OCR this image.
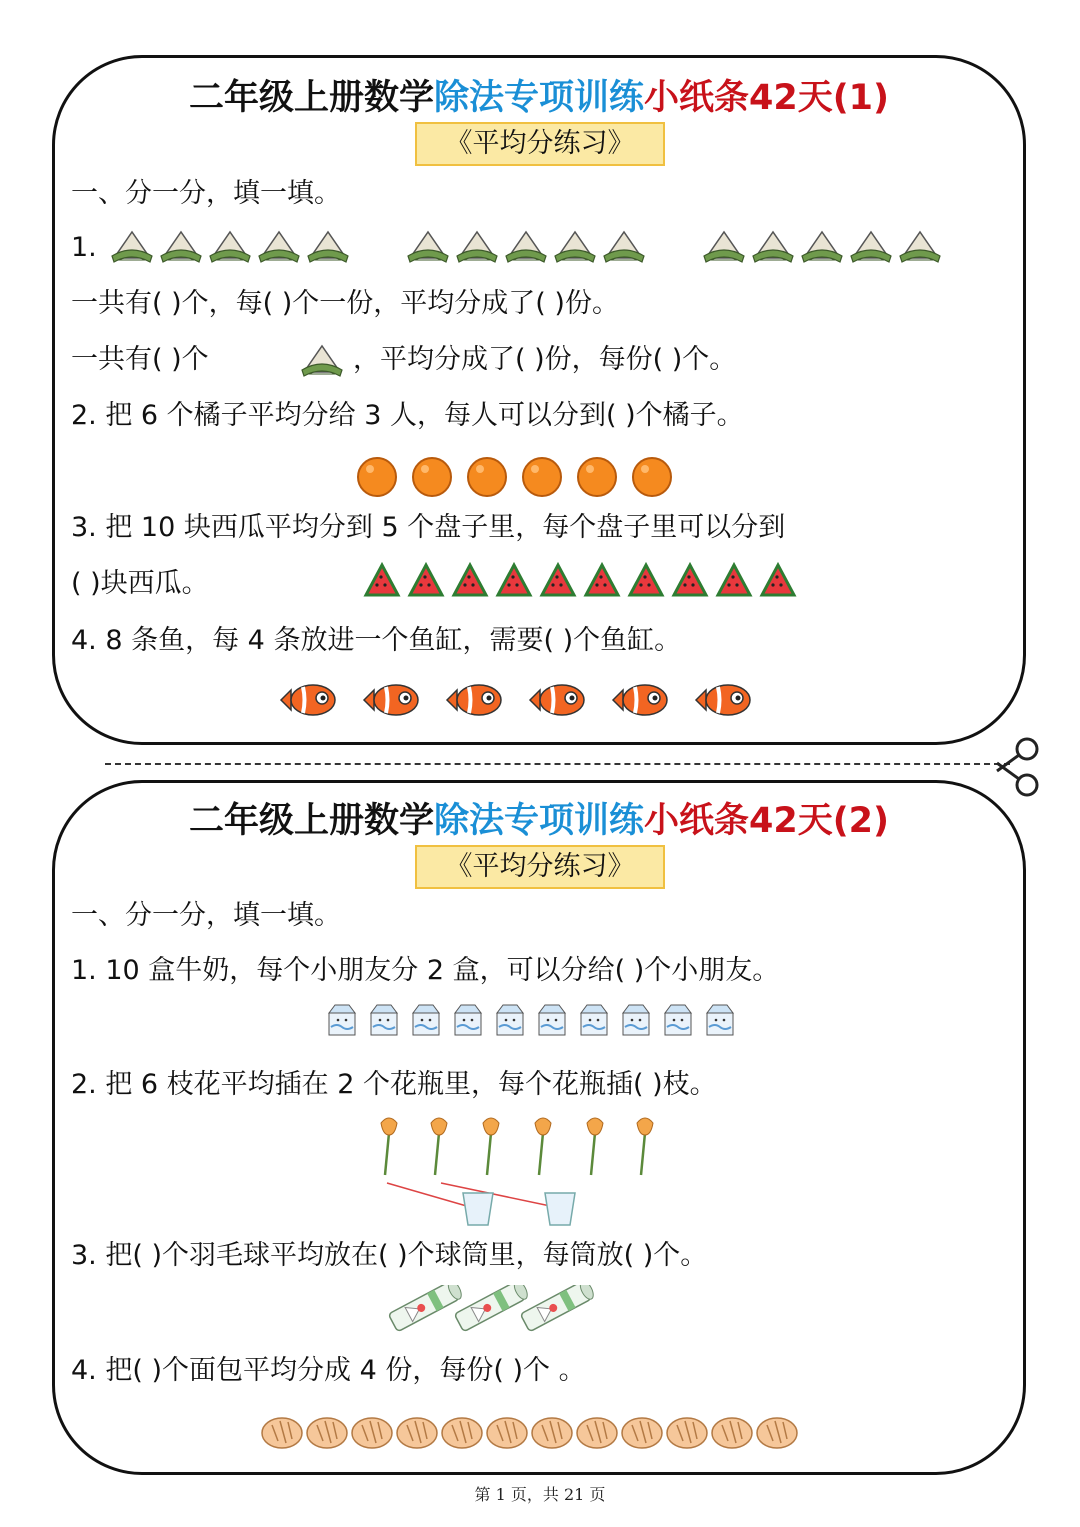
二年级上册数学除法专项训练小纸条42天(1)
《平均分练习》
一、分一分，填一填。
1.
一共有( )个，每( )个一份，平均分成了( )份。
一共有( )个	，平均分成了( )份，每份( )个。
2. 把 6 个橘子平均分给 3 人，每人可以分到( )个橘子。
3. 把 10 块西瓜平均分到 5 个盘子里，每个盘子里可以分到
( )块西瓜。
4. 8 条鱼，每 4 条放进一个鱼缸，需要( )个鱼缸。
二年级上册数学除法专项训练小纸条42天(2)
《平均分练习》
一、分一分，填一填。
1. 10 盒牛奶，每个小朋友分 2 盒，可以分给( )个小朋友。
2. 把 6 枝花平均插在 2 个花瓶里，每个花瓶插( )枝。
3. 把( )个羽毛球平均放在( )个球筒里，每筒放( )个。
4. 把( )个面包平均分成 4 份，每份( )个 。
第 1 页，共 21 页
